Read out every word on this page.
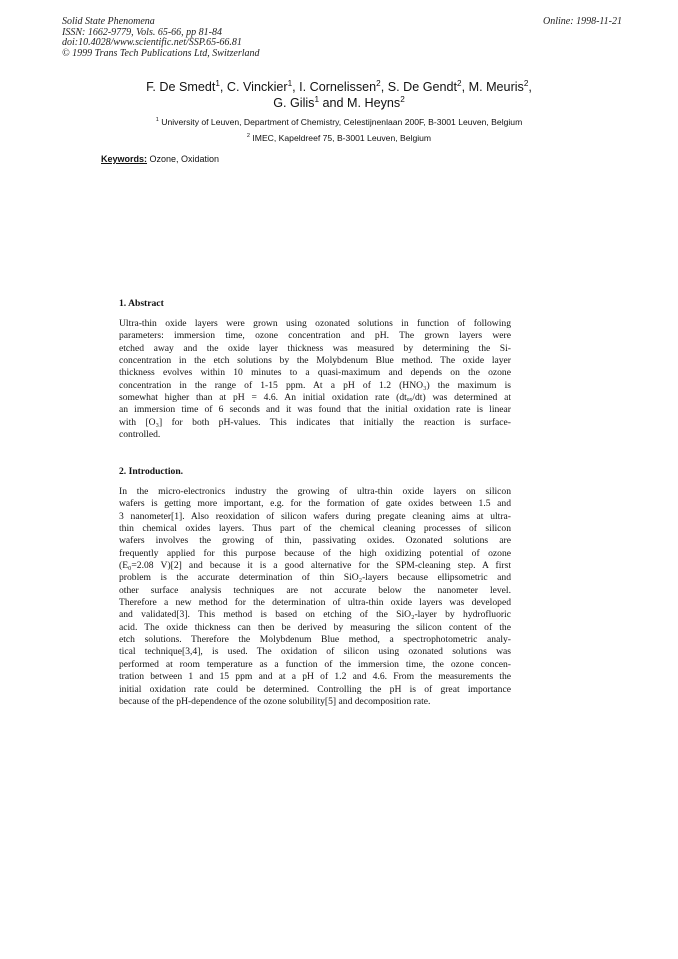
Solid State Phenomena
ISSN: 1662-9779, Vols. 65-66, pp 81-84
doi:10.4028/www.scientific.net/SSP.65-66.81
© 1999 Trans Tech Publications Ltd, Switzerland
Online: 1998-11-21
F. De Smedt$^1$, C. Vinckier$^1$, I. Cornelissen$^2$, S. De Gendt$^2$, M. Meuris$^2$,
G. Gilis$^1$ and M. Heyns$^2$
$^1$ University of Leuven, Department of Chemistry, Celestijnenlaan 200F, B-3001 Leuven, Belgium
$^2$ IMEC, Kapeldreef 75, B-3001 Leuven, Belgium
Keywords: Ozone, Oxidation
1. Abstract
Ultra-thin oxide layers were grown using ozonated solutions in function of following
parameters: immersion time, ozone concentration and pH. The grown layers were
etched away and the oxide layer thickness was measured by determining the Si-
concentration in the etch solutions by the Molybdenum Blue method. The oxide layer
thickness evolves within 10 minutes to a quasi-maximum and depends on the ozone
concentration in the range of 1-15 ppm. At a pH of 1.2 (HNO₃) the maximum is
somewhat higher than at pH = 4.6. An initial oxidation rate (dtₒₓ/dt) was determined at
an immersion time of 6 seconds and it was found that the initial oxidation rate is linear
with [O₃] for both pH-values. This indicates that initially the reaction is surface-
controlled.
2. Introduction.
In the micro-electronics industry the growing of ultra-thin oxide layers on silicon
wafers is getting more important, e.g. for the formation of gate oxides between 1.5 and
3 nanometer[1]. Also reoxidation of silicon wafers during pregate cleaning aims at ultra-
thin chemical oxides layers. Thus part of the chemical cleaning processes of silicon
wafers involves the growing of thin, passivating oxides. Ozonated solutions are
frequently applied for this purpose because of the high oxidizing potential of ozone
(E₀=2.08 V)[2] and because it is a good alternative for the SPM-cleaning step. A first
problem is the accurate determination of thin SiO₂-layers because ellipsometric and
other surface analysis techniques are not accurate below the nanometer level.
Therefore a new method for the determination of ultra-thin oxide layers was developed
and validated[3]. This method is based on etching of the SiO₂-layer by hydrofluoric
acid. The oxide thickness can then be derived by measuring the silicon content of the
etch solutions. Therefore the Molybdenum Blue method, a spectrophotometric analy-
tical technique[3,4], is used. The oxidation of silicon using ozonated solutions was
performed at room temperature as a function of the immersion time, the ozone concen-
tration between 1 and 15 ppm and at a pH of 1.2 and 4.6. From the measurements the
initial oxidation rate could be determined. Controlling the pH is of great importance
because of the pH-dependence of the ozone solubility[5] and decomposition rate.
